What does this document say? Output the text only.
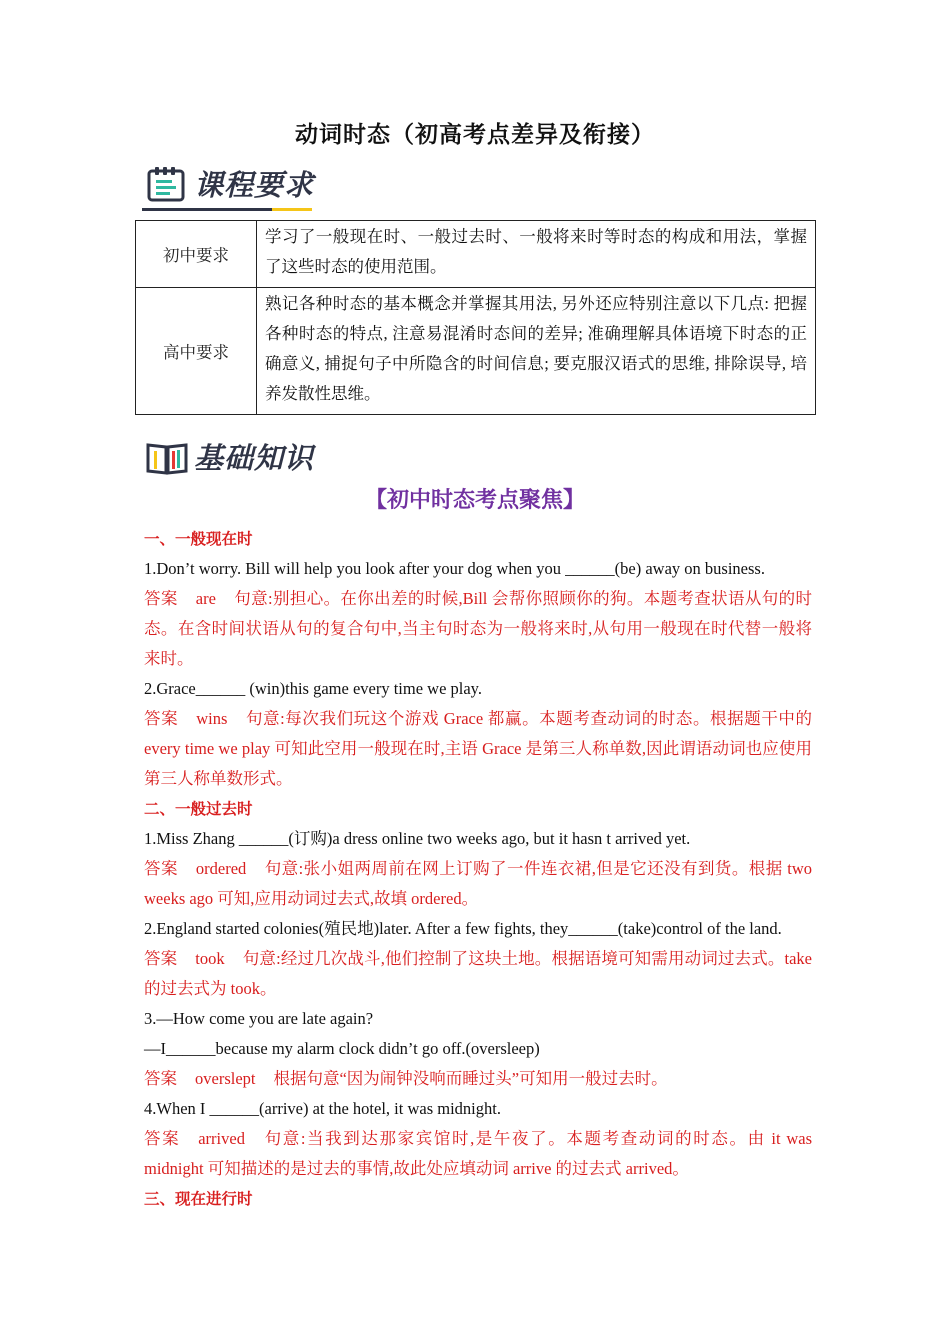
动词时态（初高考点差异及衔接）
课程要求
初中要求	学习了一般现在时、一般过去时、一般将来时等时态的构成和用法，掌握了这些时态的使用范围。
高中要求	熟记各种时态的基本概念并掌握其用法, 另外还应特别注意以下几点: 把握各种时态的特点, 注意易混淆时态间的差异; 准确理解具体语境下时态的正确意义, 捕捉句子中所隐含的时间信息; 要克服汉语式的思维, 排除误导, 培养发散性思维。
基础知识
【初中时态考点聚焦】

一、一般现在时

1.Don’t worry. Bill will help you look after your dog when you ______(be) away on business.

答案 are 句意:别担心。在你出差的时候,Bill 会帮你照顾你的狗。本题考查状语从句的时态。在含时间状语从句的复合句中,当主句时态为一般将来时,从句用一般现在时代替一般将来时。

2.Grace______ (win)this game every time we play.

答案 wins 句意:每次我们玩这个游戏 Grace 都赢。本题考查动词的时态。根据题干中的 every time we play 可知此空用一般现在时,主语 Grace 是第三人称单数,因此谓语动词也应使用第三人称单数形式。

二、一般过去时

1.Miss Zhang ______(订购)a dress online two weeks ago, but it hasn t arrived yet.

答案 ordered 句意:张小姐两周前在网上订购了一件连衣裙,但是它还没有到货。根据 two weeks ago 可知,应用动词过去式,故填 ordered。

2.England started colonies(殖民地)later. After a few fights, they______(take)control of the land.

答案 took 句意:经过几次战斗,他们控制了这块土地。根据语境可知需用动词过去式。take 的过去式为 took。

3.—How come you are late again?

—I______because my alarm clock didn’t go off.(oversleep)

答案 overslept 根据句意“因为闹钟没响而睡过头”可知用一般过去时。

4.When I ______(arrive) at the hotel, it was midnight.

答案 arrived 句意:当我到达那家宾馆时,是午夜了。本题考查动词的时态。由 it was midnight 可知描述的是过去的事情,故此处应填动词 arrive 的过去式 arrived。

三、现在进行时
